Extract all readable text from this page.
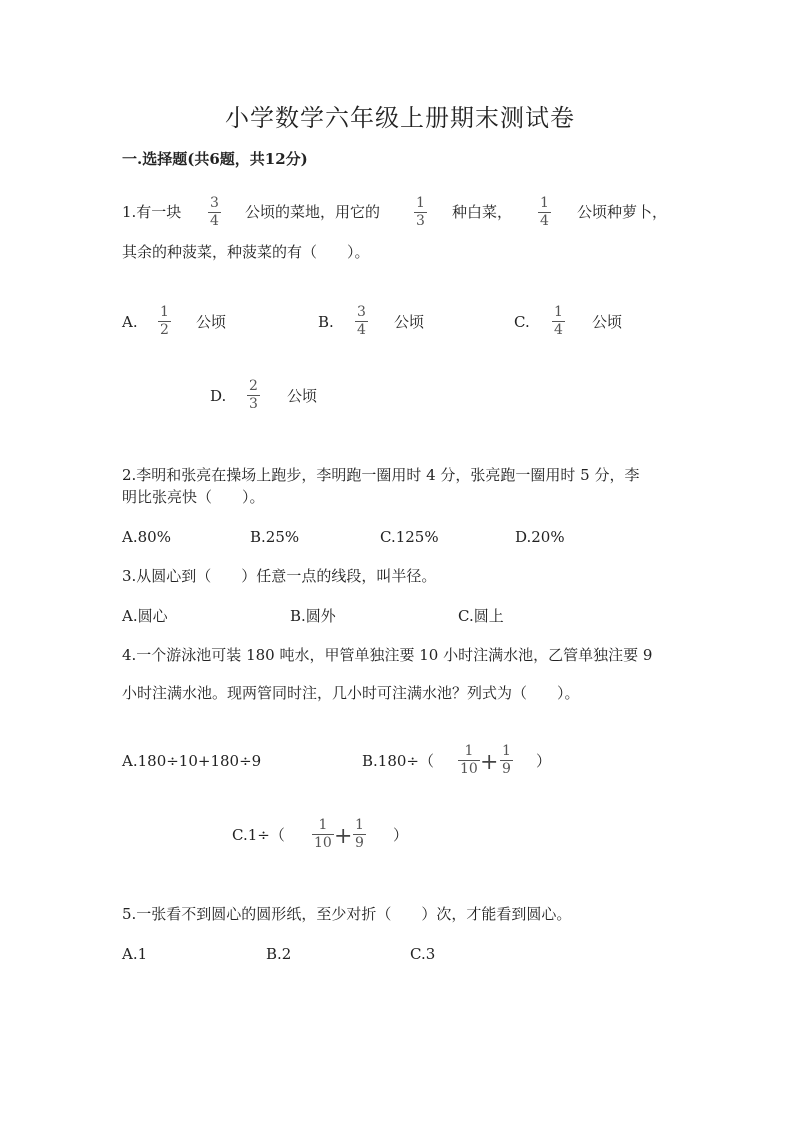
小学数学六年级上册期末测试卷
一.选择题(共6题，共12分)
1.有一块 3
4 公顷的菜地，用它的	1
3 种白菜， 1
4 公顷种萝卜，
其余的种菠菜，种菠菜的有（　　）。
A.
1
2 公顷	B.
3
4 公顷	C.
1
4 公顷
D.
2
3 公顷
2.李明和张亮在操场上跑步，李明跑一圈用时 4 分，张亮跑一圈用时 5 分，李
明比张亮快（　　）。
A.80%	B.25%	C.125%	D.20%
3.从圆心到（　　）任意一点的线段，叫半径。
A.圆心	B.圆外	C.圆上
4.一个游泳池可装 180 吨水，甲管单独注要 10 小时注满水池，乙管单独注要 9
小时注满水池。现两管同时注，几小时可注满水池？列式为（　　）。
A.180÷10+180÷9	B.180÷（
1
10 + 1
9 ）
C.1÷（
1
10 + 1
9 ）
5.一张看不到圆心的圆形纸，至少对折（　　）次，才能看到圆心。
A.1	B.2	C.3
